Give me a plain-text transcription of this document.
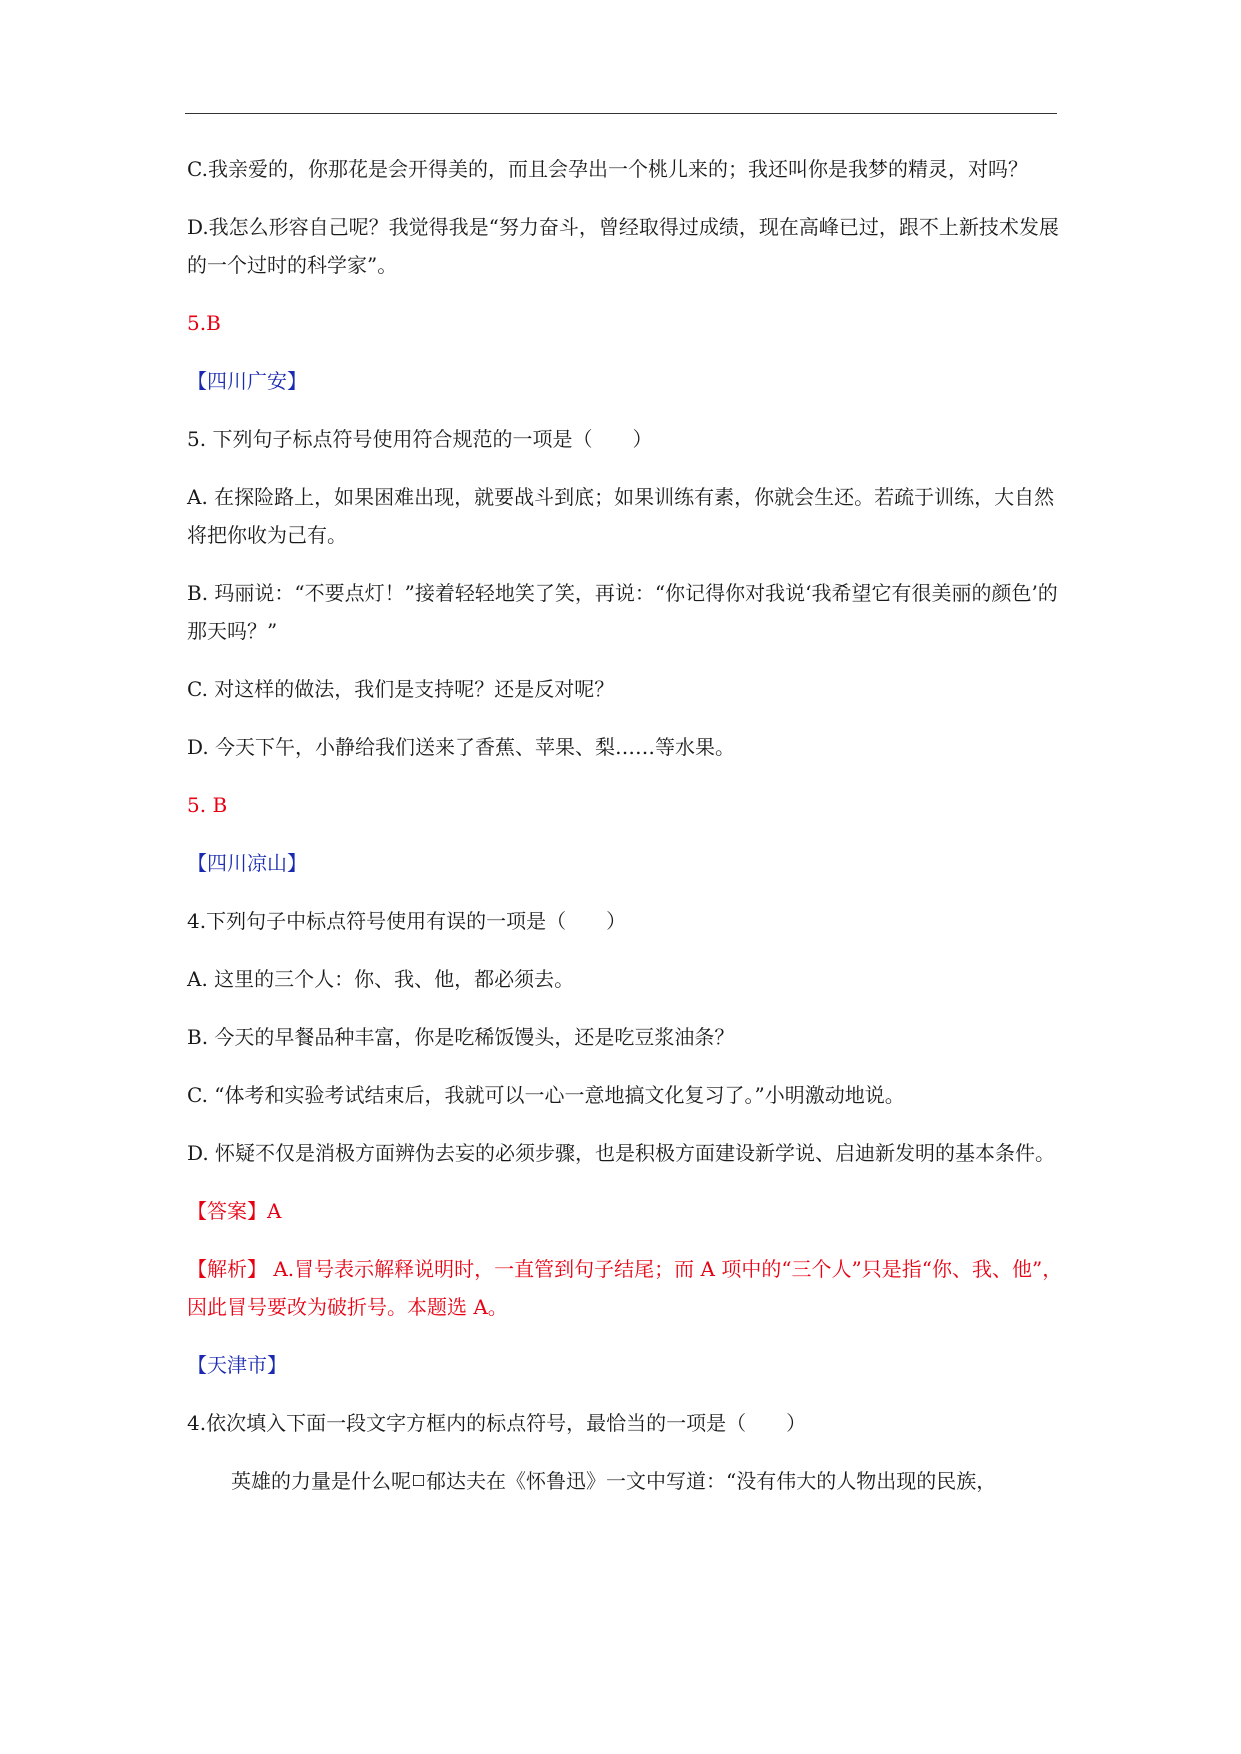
C.我亲爱的，你那花是会开得美的，而且会孕出一个桃儿来的；我还叫你是我梦的精灵，对吗？

D.我怎么形容自己呢？我觉得我是“努力奋斗，曾经取得过成绩，现在高峰已过，跟不上新技术发展的一个过时的科学家”。

5.B

【四川广安】

5. 下列句子标点符号使用符合规范的一项是（　　）

A. 在探险路上，如果困难出现，就要战斗到底；如果训练有素，你就会生还。若疏于训练，大自然将把你收为己有。

B. 玛丽说：“不要点灯！”接着轻轻地笑了笑，再说：“你记得你对我说‘我希望它有很美丽的颜色’的那天吗？”

C. 对这样的做法，我们是支持呢？还是反对呢？

D. 今天下午，小静给我们送来了香蕉、苹果、梨……等水果。

5. B

【四川凉山】

4.下列句子中标点符号使用有误的一项是（　　）

A. 这里的三个人：你、我、他，都必须去。

B. 今天的早餐品种丰富，你是吃稀饭馒头，还是吃豆浆油条？

C. “体考和实验考试结束后，我就可以一心一意地搞文化复习了。”小明激动地说。

D. 怀疑不仅是消极方面辨伪去妄的必须步骤，也是积极方面建设新学说、启迪新发明的基本条件。

【答案】A

【解析】 A.冒号表示解释说明时，一直管到句子结尾；而 A 项中的“三个人”只是指“你、我、他”，因此冒号要改为破折号。本题选 A。

【天津市】

4.依次填入下面一段文字方框内的标点符号，最恰当的一项是（　　）

英雄的力量是什么呢 郁达夫在《怀鲁迅》一文中写道：“没有伟大的人物出现的民族，
